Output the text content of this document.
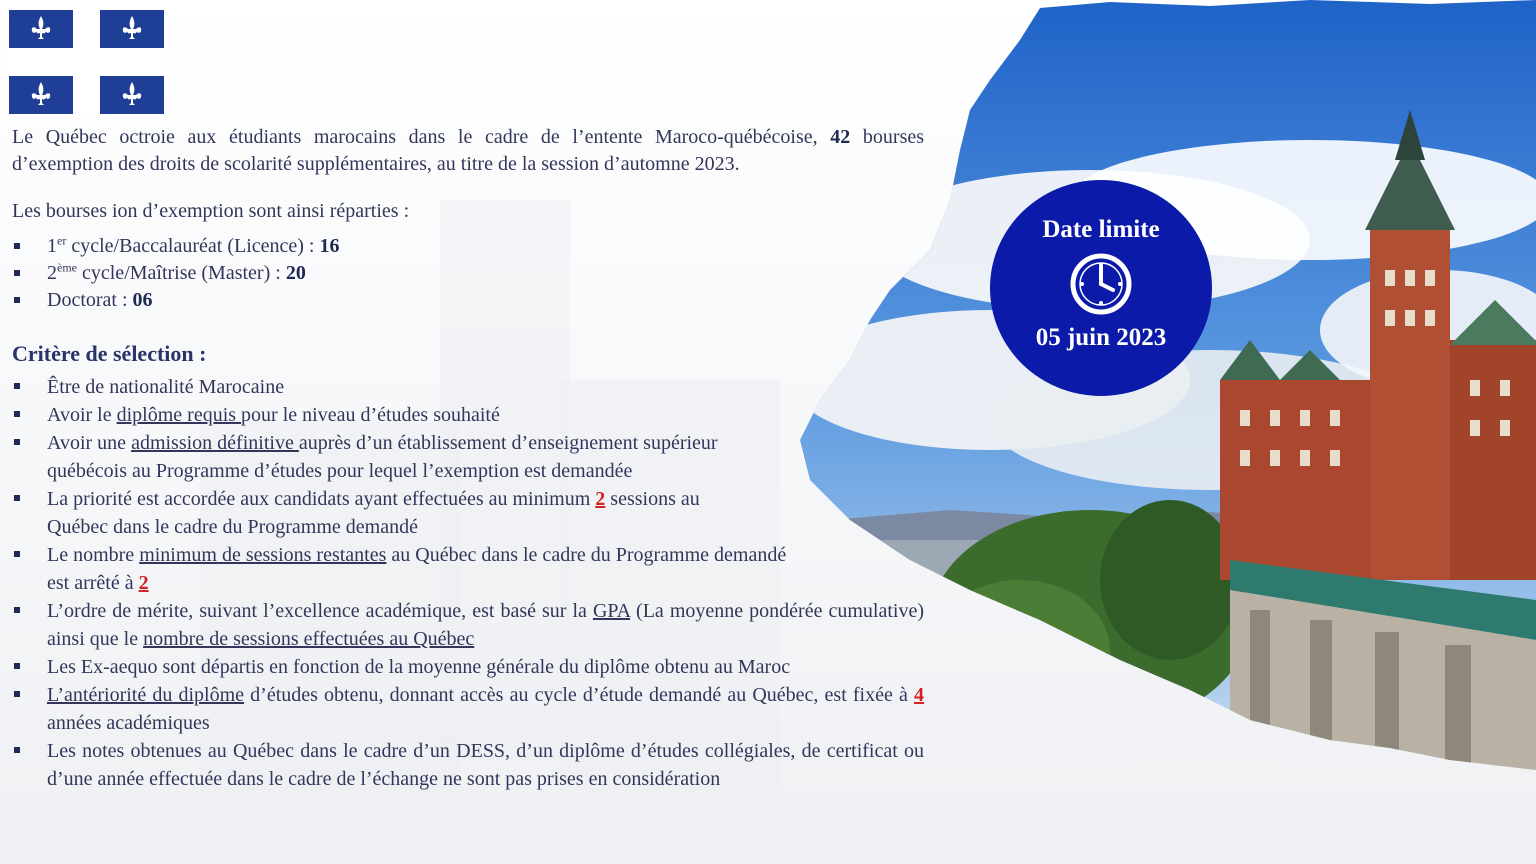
Date limite
05 juin 2023

Le Québec octroie aux étudiants marocains dans le cadre de l’entente Maroco-québécoise, 42 bourses d’exemption des droits de scolarité supplémentaires, au titre de la session d’automne 2023.

Les bourses ion d’exemption sont ainsi réparties :

1er cycle/Baccalauréat (Licence) : 16
2ème cycle/Maîtrise (Master) : 20
Doctorat : 06
Critère de sélection :
Être de nationalité Marocaine
Avoir le diplôme requis pour le niveau d’études souhaité
Avoir une admission définitive auprès d’un établissement d’enseignement supérieur
québécois au Programme d’études pour lequel l’exemption est demandée
La priorité est accordée aux candidats ayant effectuées au minimum 2 sessions au
Québec dans le cadre du Programme demandé
Le nombre minimum de sessions restantes au Québec dans le cadre du Programme demandé
est arrêté à 2
L’ordre de mérite, suivant l’excellence académique, est basé sur la GPA (La moyenne pondérée cumulative) ainsi que le nombre de sessions effectuées au Québec
Les Ex-aequo sont départis en fonction de la moyenne générale du diplôme obtenu au Maroc
L’antériorité du diplôme d’études obtenu, donnant accès au cycle d’étude demandé au Québec, est fixée à 4 années académiques
Les notes obtenues au Québec dans le cadre d’un DESS, d’un diplôme d’études collégiales, de certificat ou d’une année effectuée dans le cadre de l’échange ne sont pas prises en considération
